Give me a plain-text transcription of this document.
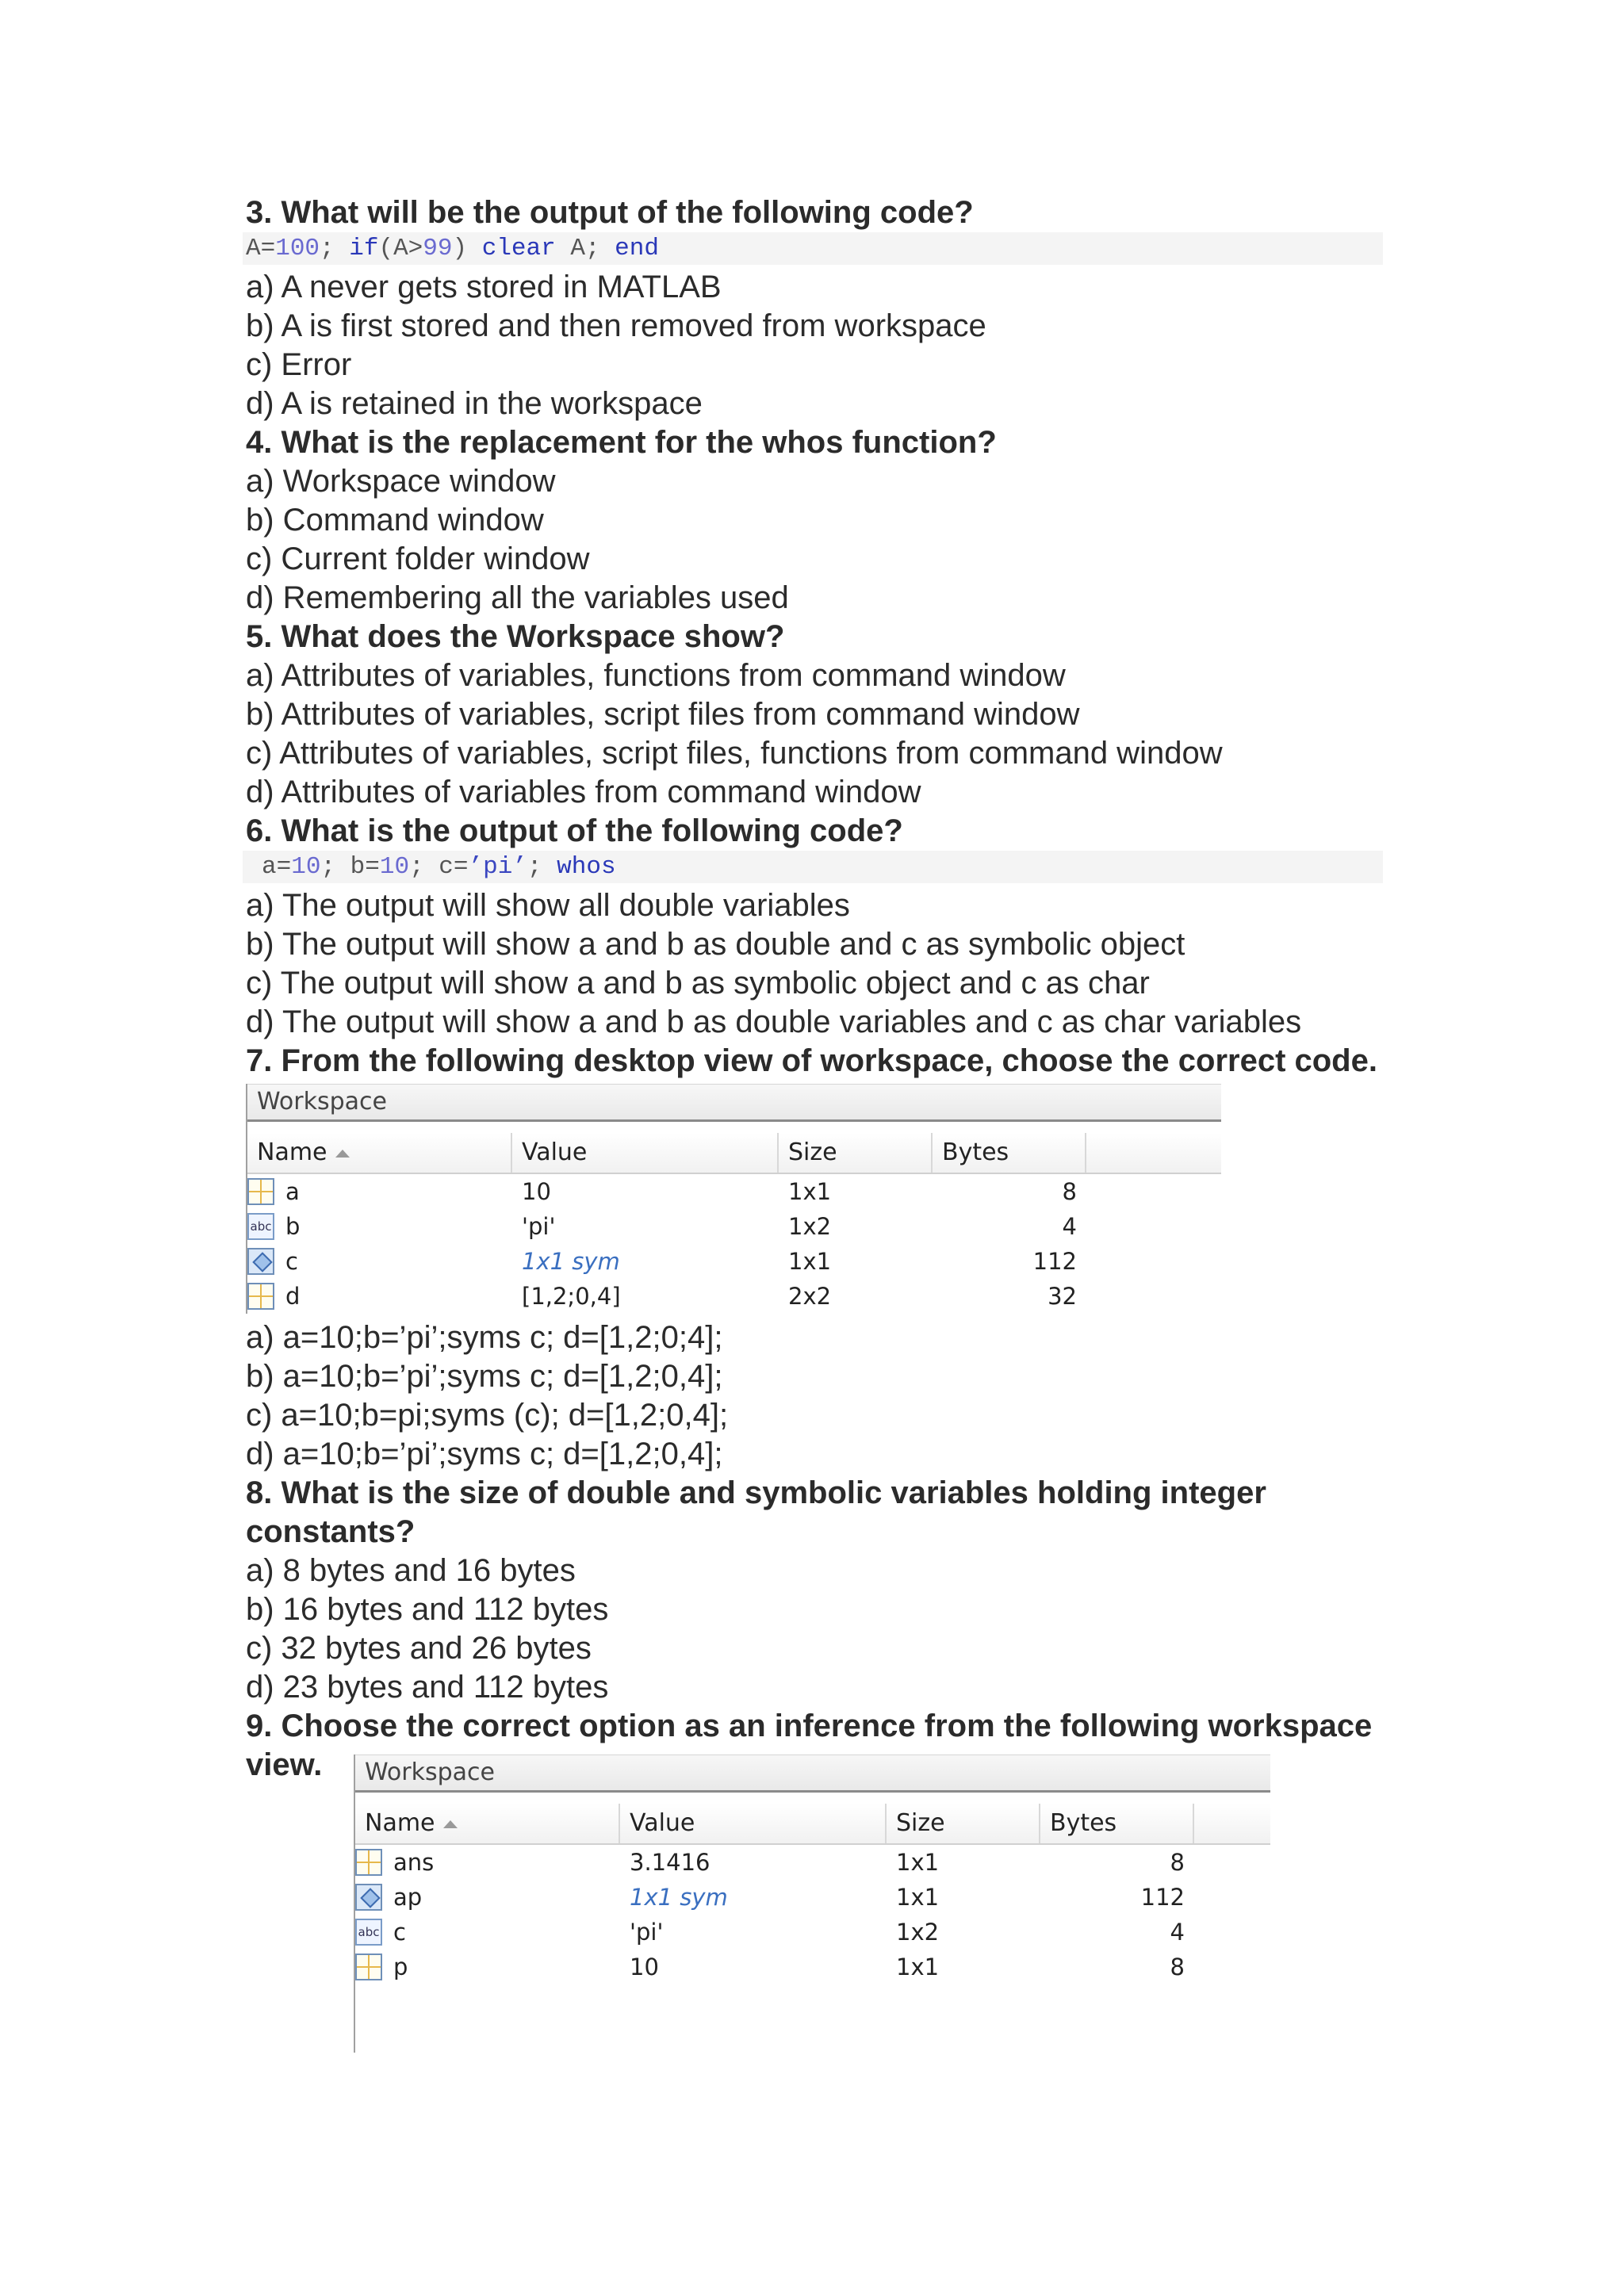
3. What will be the output of the following code?
A=100; if(A>99) clear A; end
a) A never gets stored in MATLAB
b) A is first stored and then removed from workspace
c) Error
d) A is retained in the workspace
4. What is the replacement for the whos function?
a) Workspace window
b) Command window
c) Current folder window
d) Remembering all the variables used
5. What does the Workspace show?
a) Attributes of variables, functions from command window
b) Attributes of variables, script files from command window
c) Attributes of variables, script files, functions from command window
d) Attributes of variables from command window
6. What is the output of the following code?
a=10; b=10; c=’pi’; whos
a) The output will show all double variables
b) The output will show a and b as double and c as symbolic object
c) The output will show a and b as symbolic object and c as char
d) The output will show a and b as double variables and c as char variables
7. From the following desktop view of workspace, choose the correct code.
Workspace
Name	Value	Size	Bytes
a	10	1x1	8
abc b	'pi'	1x2	4
c	1x1 sym	1x1	112
d	[1,2;0,4]	2x2	32
a) a=10;b=’pi’;syms c; d=[1,2;0;4];
b) a=10;b=’pi’;syms c; d=[1,2;0,4];
c) a=10;b=pi;syms (c); d=[1,2;0,4];
d) a=10;b=’pi’;syms c; d=[1,2;0,4];
8. What is the size of double and symbolic variables holding integer
constants?
a) 8 bytes and 16 bytes
b) 16 bytes and 112 bytes
c) 32 bytes and 26 bytes
d) 23 bytes and 112 bytes
9. Choose the correct option as an inference from the following workspace
view.	Workspace
Name	Value	Size	Bytes
ans	3.1416	1x1	8
ap	1x1 sym	1x1	112
abc c	'pi'	1x2	4
p	10	1x1	8
